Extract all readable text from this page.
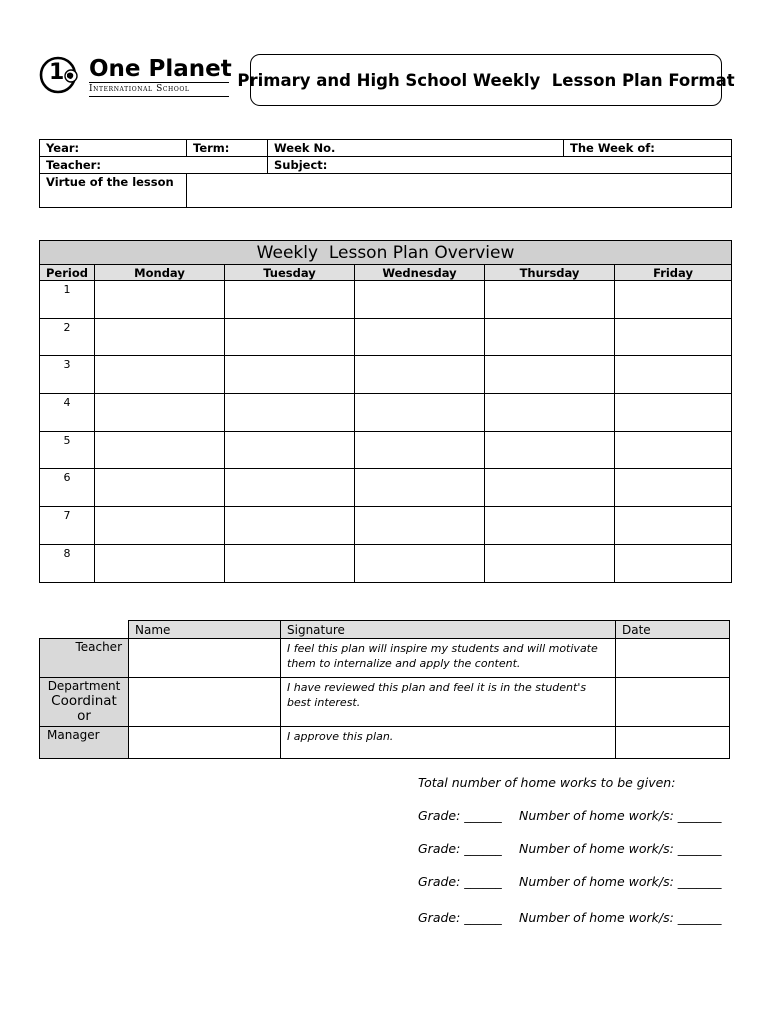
1 One Planet
International School	Primary and High School Weekly  Lesson Plan Format
Year:	Term:	Week No.	The Week of:
Teacher:		Subject:	
Virtue of the lesson			
Weekly  Lesson Plan Overview					
Period	Monday	Tuesday	Wednesday	Thursday	Friday
1					
2					
3					
4					
5					
6					
7					
8					
	Name	Signature	Date
Teacher		I feel this plan will inspire my students and will motivate them to internalize and apply the content.	

Department
Coordinat
or		I have reviewed this plan and feel it is in the student's best interest.	
Manager		I approve this plan.	
Total number of home works to be given:
Grade: ______ Number of home work/s: _______
Grade: ______ Number of home work/s: _______
Grade: ______ Number of home work/s: _______
Grade: ______ Number of home work/s: _______
